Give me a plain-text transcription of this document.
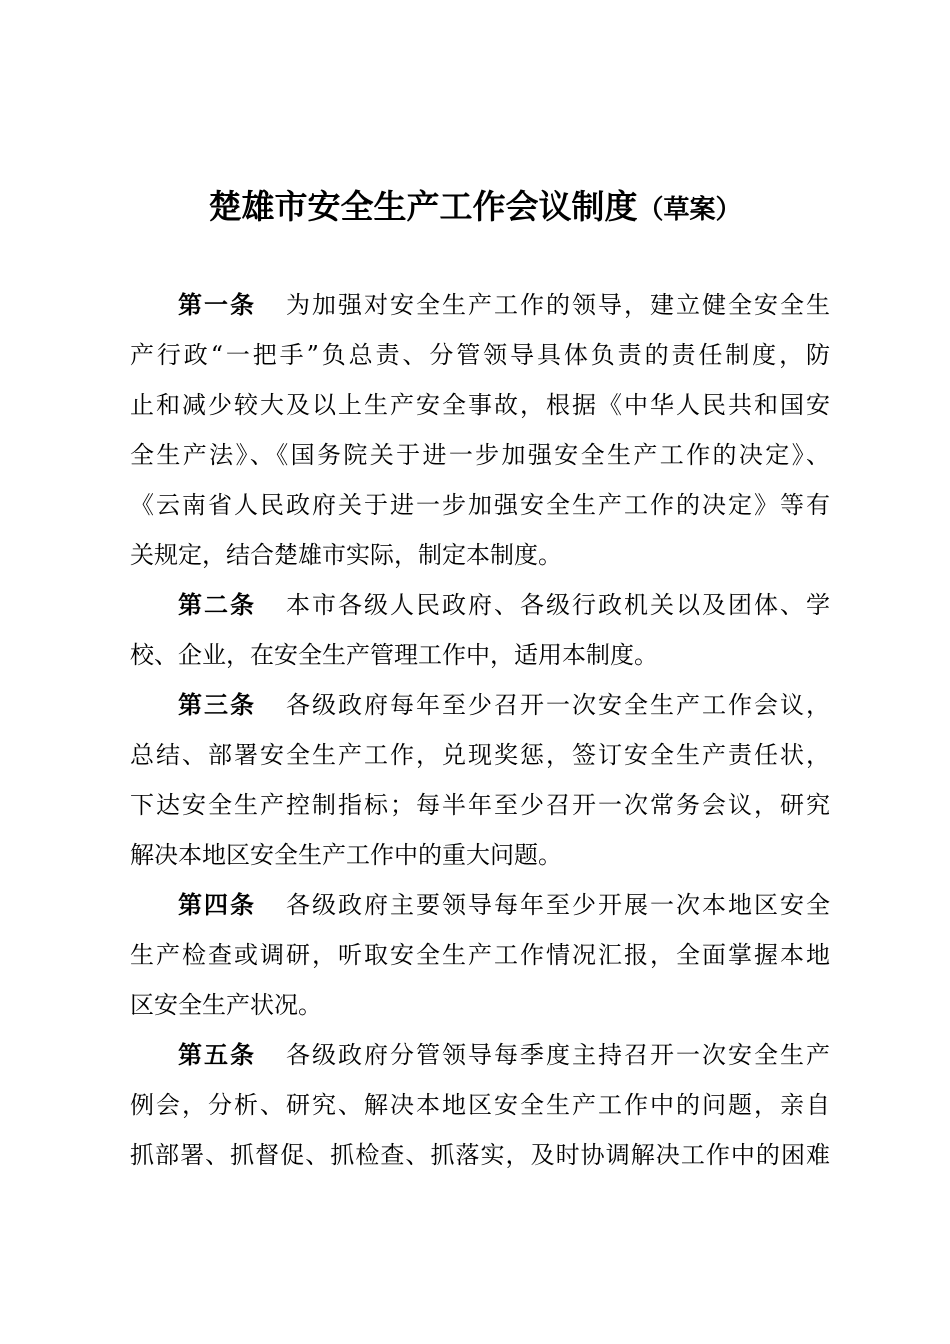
楚雄市安全生产工作会议制度（草案）
第一条 为加强对安全生产工作的领导，建立健全安全生
产行政“一把手”负总责、分管领导具体负责的责任制度，防
止和减少较大及以上生产安全事故，根据《中华人民共和国安
全生产法》、《国务院关于进一步加强安全生产工作的决定》、
《云南省人民政府关于进一步加强安全生产工作的决定》等有
关规定，结合楚雄市实际，制定本制度。
第二条 本市各级人民政府、各级行政机关以及团体、学
校、企业，在安全生产管理工作中，适用本制度。
第三条 各级政府每年至少召开一次安全生产工作会议，
总结、部署安全生产工作，兑现奖惩，签订安全生产责任状，
下达安全生产控制指标；每半年至少召开一次常务会议，研究
解决本地区安全生产工作中的重大问题。
第四条 各级政府主要领导每年至少开展一次本地区安全
生产检查或调研，听取安全生产工作情况汇报，全面掌握本地
区安全生产状况。
第五条 各级政府分管领导每季度主持召开一次安全生产
例会，分析、研究、解决本地区安全生产工作中的问题，亲自
抓部署、抓督促、抓检查、抓落实，及时协调解决工作中的困难
